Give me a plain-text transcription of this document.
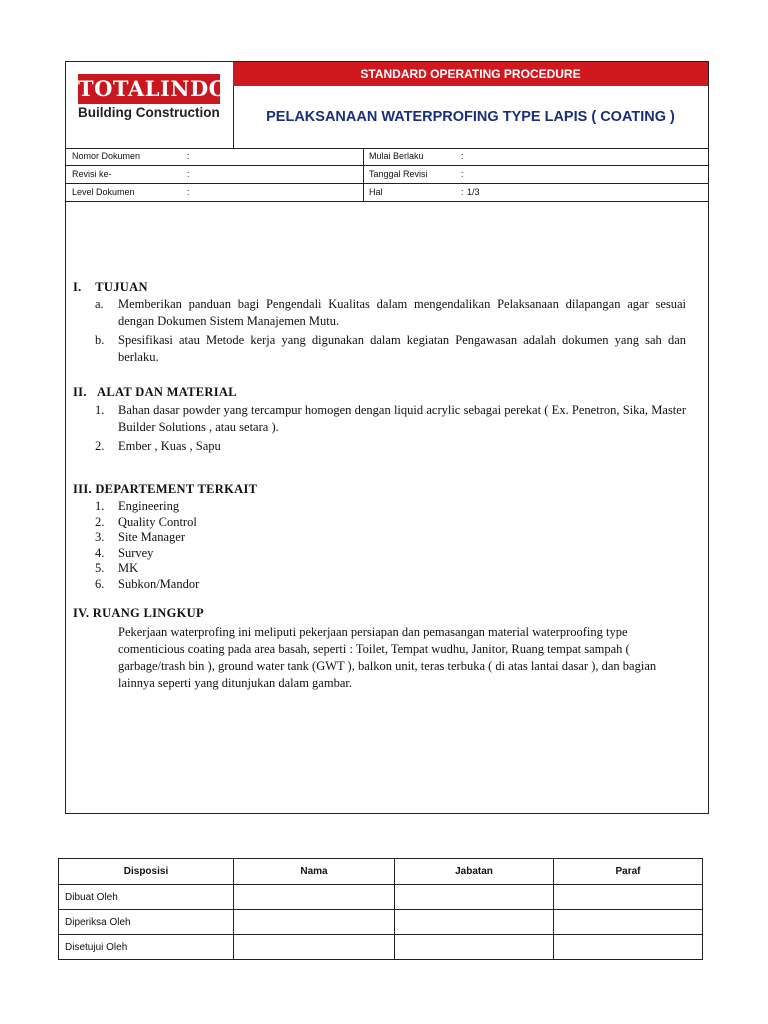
TOTALINDO
Building Construction
STANDARD OPERATING PROCEDURE
PELAKSANAAN WATERPROFING TYPE LAPIS ( COATING )
Nomor Dokumen	:	Mulai Berlaku	:
Revisi ke-	:	Tanggal Revisi	:
Level Dokumen	:	Hal	: 1/3
I. TUJUAN
a. Memberikan panduan bagi Pengendali Kualitas dalam mengendalikan Pelaksanaan dilapangan agar sesuai dengan Dokumen Sistem Manajemen Mutu.
b. Spesifikasi atau Metode kerja yang digunakan dalam kegiatan Pengawasan adalah dokumen yang sah dan berlaku.
II. ALAT DAN MATERIAL
1. Bahan dasar powder yang tercampur homogen dengan liquid acrylic sebagai perekat ( Ex. Penetron, Sika, Master Builder Solutions , atau setara ).
2. Ember , Kuas , Sapu
III. DEPARTEMENT TERKAIT
1. Engineering
2. Quality Control
3. Site Manager
4. Survey
5. MK
6. Subkon/Mandor
IV. RUANG LINGKUP
Pekerjaan waterprofing ini meliputi pekerjaan persiapan dan pemasangan material waterproofing type comenticious coating pada area basah, seperti : Toilet, Tempat wudhu, Janitor, Ruang tempat sampah ( garbage/trash bin ), ground water tank (GWT ), balkon unit, teras terbuka ( di atas lantai dasar ), dan bagian lainnya seperti yang ditunjukan dalam gambar.
Disposisi	Nama	Jabatan	Paraf
Dibuat Oleh			
Diperiksa Oleh			
Disetujui Oleh			
